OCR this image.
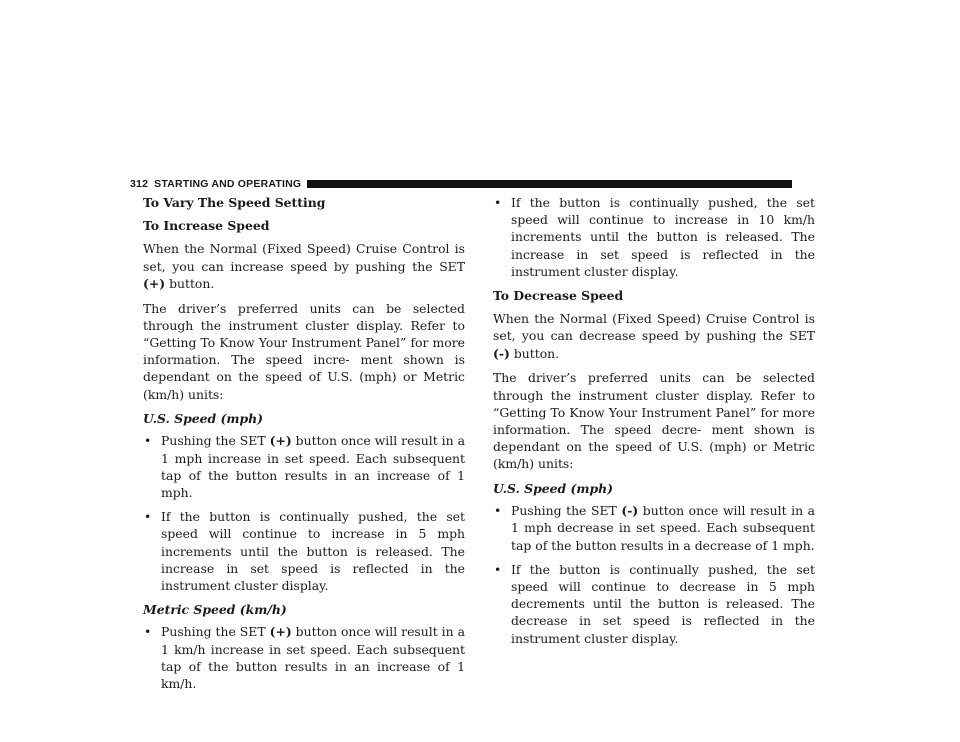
312 STARTING AND OPERATING

To Vary The Speed Setting

To Increase Speed

When the Normal (Fixed Speed) Cruise Control is set, you can increase speed by pushing the SET (+) button.

The driver’s preferred units can be selected through the instrument cluster display. Refer to “Getting To Know Your Instrument Panel” for more information. The speed incre- ment shown is dependant on the speed of U.S. (mph) or Metric (km/h) units:

U.S. Speed (mph)

• Pushing the SET (+) button once will result in a 1 mph increase in set speed. Each subsequent tap of the button results in an increase of 1 mph.
• If the button is continually pushed, the set speed will continue to increase in 5 mph increments until the button is released. The increase in set speed is reflected in the instrument cluster display.

Metric Speed (km/h)

• Pushing the SET (+) button once will result in a 1 km/h increase in set speed. Each subsequent tap of the button results in an increase of 1 km/h.
• If the button is continually pushed, the set speed will continue to increase in 10 km/h increments until the button is released. The increase in set speed is reflected in the instrument cluster display.

To Decrease Speed

When the Normal (Fixed Speed) Cruise Control is set, you can decrease speed by pushing the SET (-) button.

The driver’s preferred units can be selected through the instrument cluster display. Refer to “Getting To Know Your Instrument Panel” for more information. The speed decre- ment shown is dependant on the speed of U.S. (mph) or Metric (km/h) units:

U.S. Speed (mph)

• Pushing the SET (-) button once will result in a 1 mph decrease in set speed. Each subsequent tap of the button results in a decrease of 1 mph.
• If the button is continually pushed, the set speed will continue to decrease in 5 mph decrements until the button is released. The decrease in set speed is reflected in the instrument cluster display.
